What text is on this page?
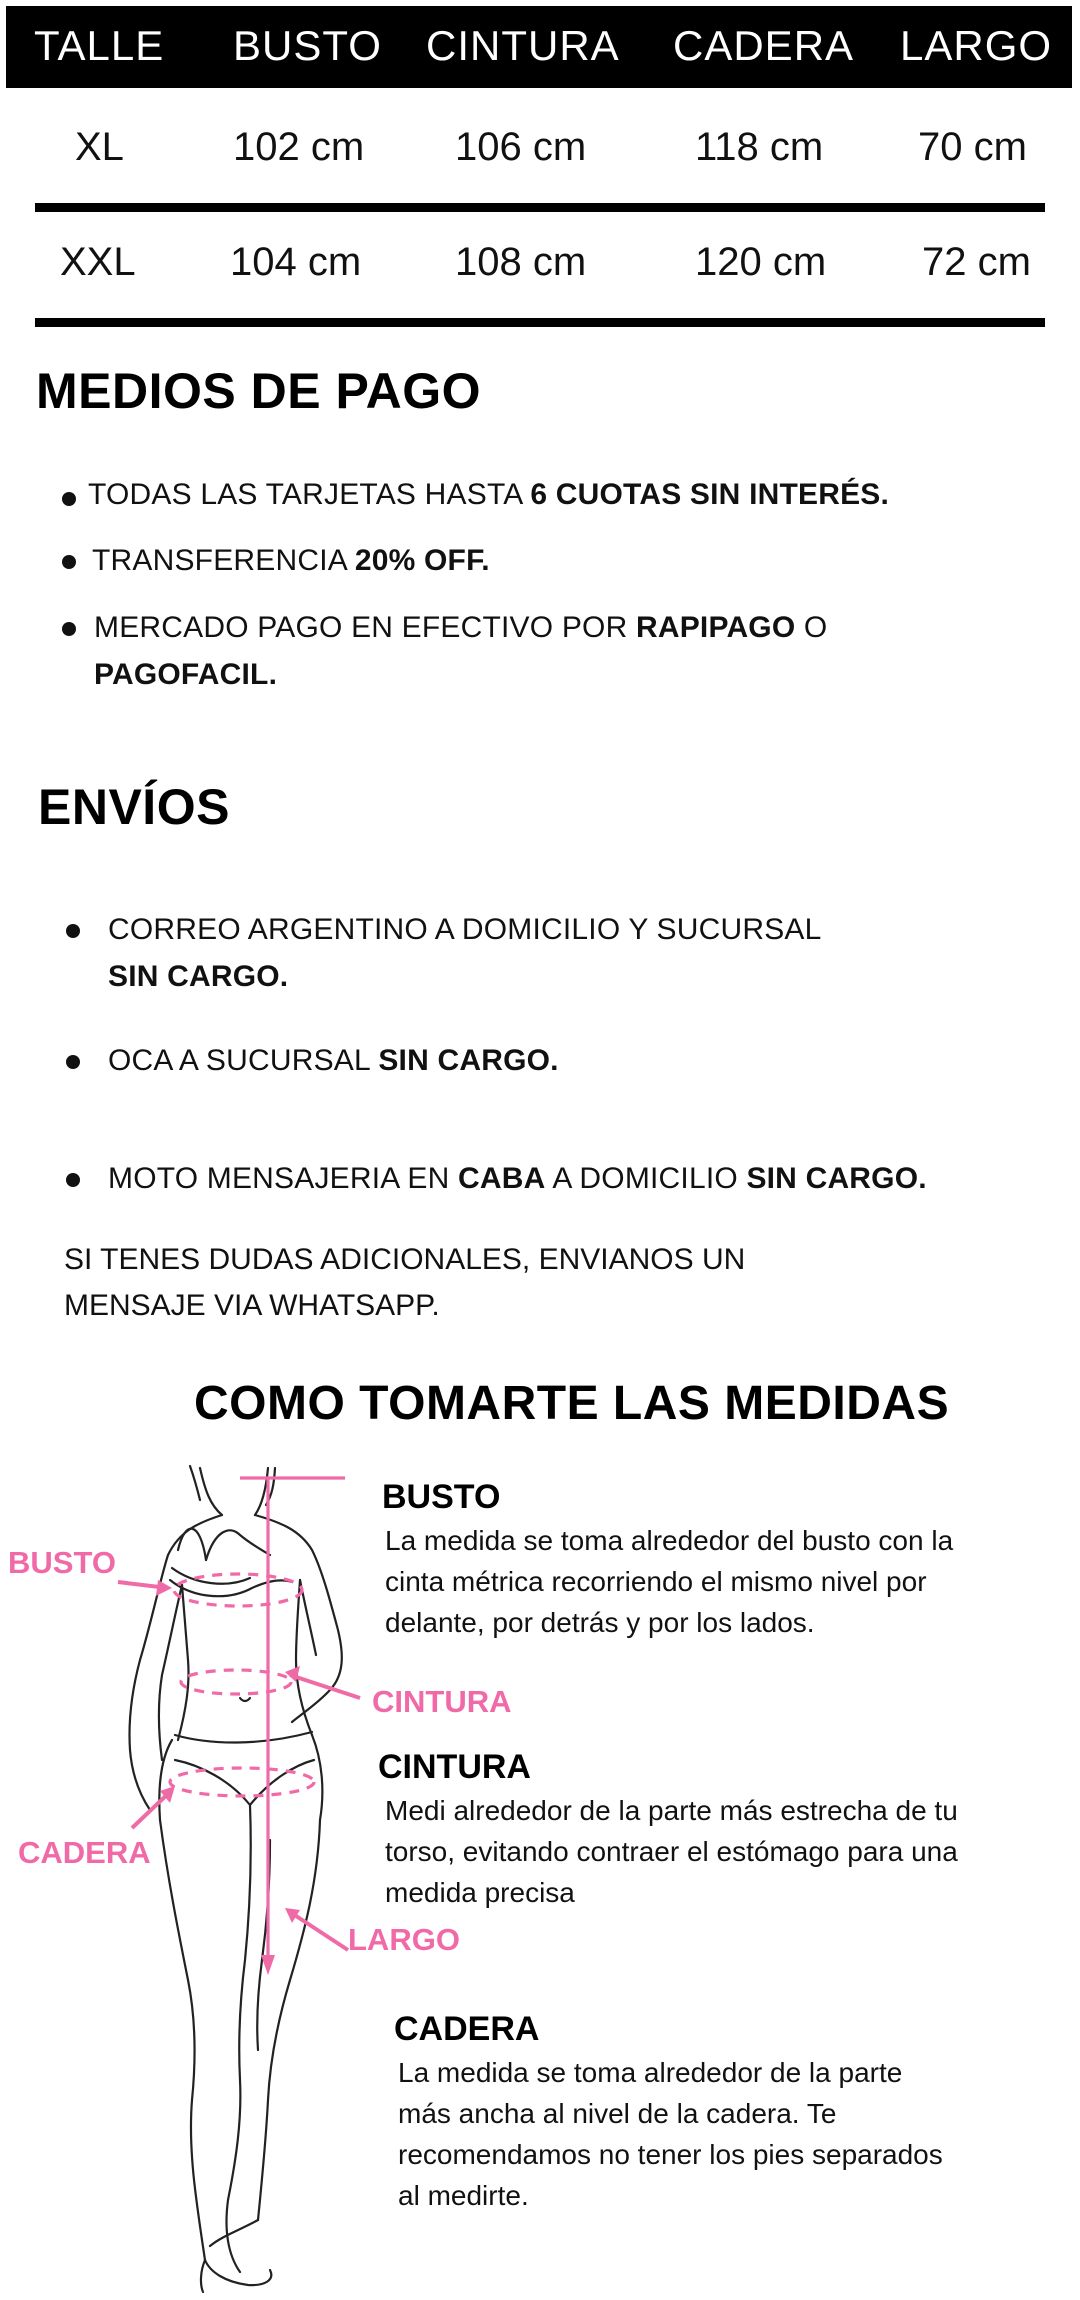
TALLE BUSTO CINTURA CADERA LARGO
XL	102 cm 106 cm	118 cm 70 cm
XXL 104 cm 108 cm	120 cm 72 cm
MEDIOS DE PAGO
TODAS LAS TARJETAS HASTA 6 CUOTAS SIN INTERÉS.
TRANSFERENCIA 20% OFF.
MERCADO PAGO EN EFECTIVO POR RAPIPAGO O
PAGOFACIL.
ENVÍOS
CORREO ARGENTINO A DOMICILIO Y SUCURSAL
SIN CARGO.
OCA A SUCURSAL SIN CARGO.
MOTO MENSAJERIA EN CABA A DOMICILIO SIN CARGO.
SI TENES DUDAS ADICIONALES, ENVIANOS UN
MENSAJE VIA WHATSAPP.
COMO TOMARTE LAS MEDIDAS
BUSTO
CINTURA
CADERA
LARGO
BUSTO
La medida se toma alrededor del busto con la
cinta métrica recorriendo el mismo nivel por
delante, por detrás y por los lados.
CINTURA
Medi alrededor de la parte más estrecha de tu
torso, evitando contraer el estómago para una
medida precisa
CADERA
La medida se toma alrededor de la parte
más ancha al nivel de la cadera. Te
recomendamos no tener los pies separados
al medirte.
